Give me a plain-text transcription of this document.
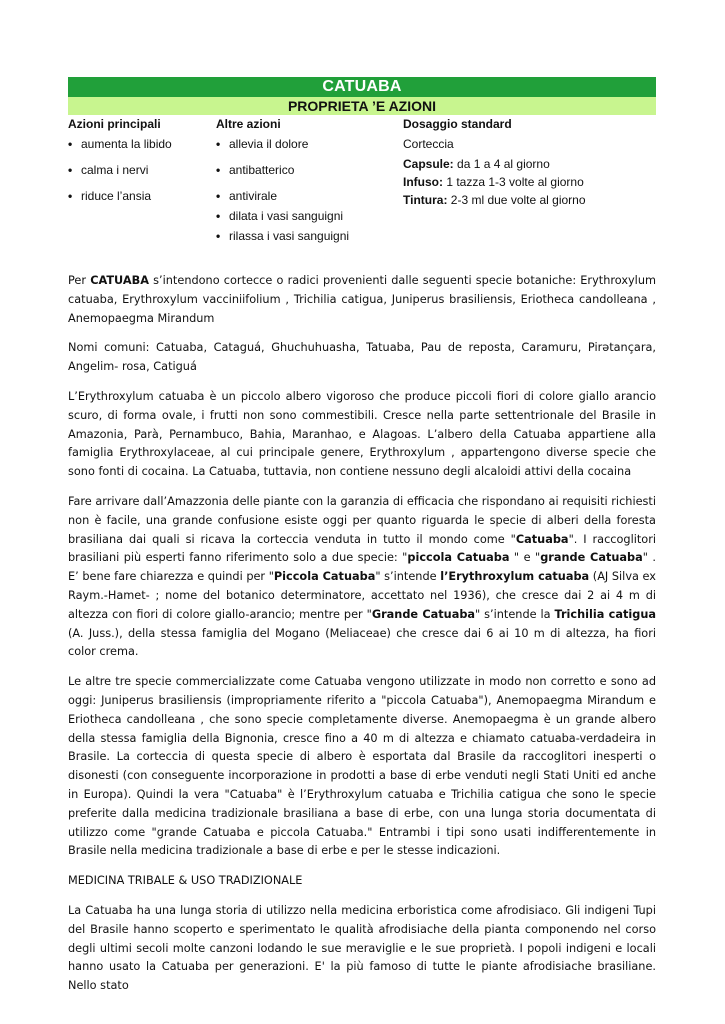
CATUABA
PROPRIETA ’E AZIONI
Azioni principali
• aumenta la libido
• calma i nervi
• riduce l’ansia
Altre azioni
• allevia il dolore
• antibatterico
• antivirale
• dilata i vasi sanguigni
• rilassa i vasi sanguigni
Dosaggio standard
Corteccia
Capsule: da 1 a 4 al giorno
Infuso: 1 tazza 1-3 volte al giorno
Tintura: 2-3 ml due volte al giorno

Per CATUABA s’intendono cortecce o radici provenienti dalle seguenti specie botaniche: Erythroxylum catuaba, Erythroxylum vacciniifolium , Trichilia catigua, Juniperus brasiliensis, Eriotheca candolleana , Anemopaegma Mirandum

Nomi comuni: Catuaba, Cataguá, Ghuchuhuasha, Tatuaba, Pau de reposta, Caramuru, Pirətançara, Angelim- rosa, Catiguá

L’Erythroxylum catuaba è un piccolo albero vigoroso che produce piccoli fiori di colore giallo arancio scuro, di forma ovale, i frutti non sono commestibili. Cresce nella parte settentrionale del Brasile in Amazonia, Parà, Pernambuco, Bahia, Maranhao, e Alagoas. L’albero della Catuaba appartiene alla famiglia Erythroxylaceae, al cui principale genere, Erythroxylum , appartengono diverse specie che sono fonti di cocaina. La Catuaba, tuttavia, non contiene nessuno degli alcaloidi attivi della cocaina

Fare arrivare dall’Amazzonia delle piante con la garanzia di efficacia che rispondano ai requisiti richiesti non è facile, una grande confusione esiste oggi per quanto riguarda le specie di alberi della foresta brasiliana dai quali si ricava la corteccia venduta in tutto il mondo come "Catuaba". I raccoglitori brasiliani più esperti fanno riferimento solo a due specie: "piccola Catuaba " e "grande Catuaba" . E’ bene fare chiarezza e quindi per "Piccola Catuaba" s’intende l’Erythroxylum catuaba (AJ Silva ex Raym.-Hamet- ; nome del botanico determinatore, accettato nel 1936), che cresce dai 2 ai 4 m di altezza con fiori di colore giallo-arancio; mentre per "Grande Catuaba" s’intende la Trichilia catigua (A. Juss.), della stessa famiglia del Mogano (Meliaceae) che cresce dai 6 ai 10 m di altezza, ha fiori color crema.

Le altre tre specie commercializzate come Catuaba vengono utilizzate in modo non corretto e sono ad oggi: Juniperus brasiliensis (impropriamente riferito a "piccola Catuaba"), Anemopaegma Mirandum e Eriotheca candolleana , che sono specie completamente diverse. Anemopaegma è un grande albero della stessa famiglia della Bignonia, cresce fino a 40 m di altezza e chiamato catuaba-verdadeira in Brasile. La corteccia di questa specie di albero è esportata dal Brasile da raccoglitori inesperti o disonesti (con conseguente incorporazione in prodotti a base di erbe venduti negli Stati Uniti ed anche in Europa). Quindi la vera "Catuaba" è l’Erythroxylum catuaba e Trichilia catigua che sono le specie preferite dalla medicina tradizionale brasiliana a base di erbe, con una lunga storia documentata di utilizzo come "grande Catuaba e piccola Catuaba." Entrambi i tipi sono usati indifferentemente in Brasile nella medicina tradizionale a base di erbe e per le stesse indicazioni.

MEDICINA TRIBALE & USO TRADIZIONALE

La Catuaba ha una lunga storia di utilizzo nella medicina erboristica come afrodisiaco. Gli indigeni Tupi del Brasile hanno scoperto e sperimentato le qualità afrodisiache della pianta componendo nel corso degli ultimi secoli molte canzoni lodando le sue meraviglie e le sue proprietà. I popoli indigeni e locali hanno usato la Catuaba per generazioni. E' la più famoso di tutte le piante afrodisiache brasiliane. Nello stato
